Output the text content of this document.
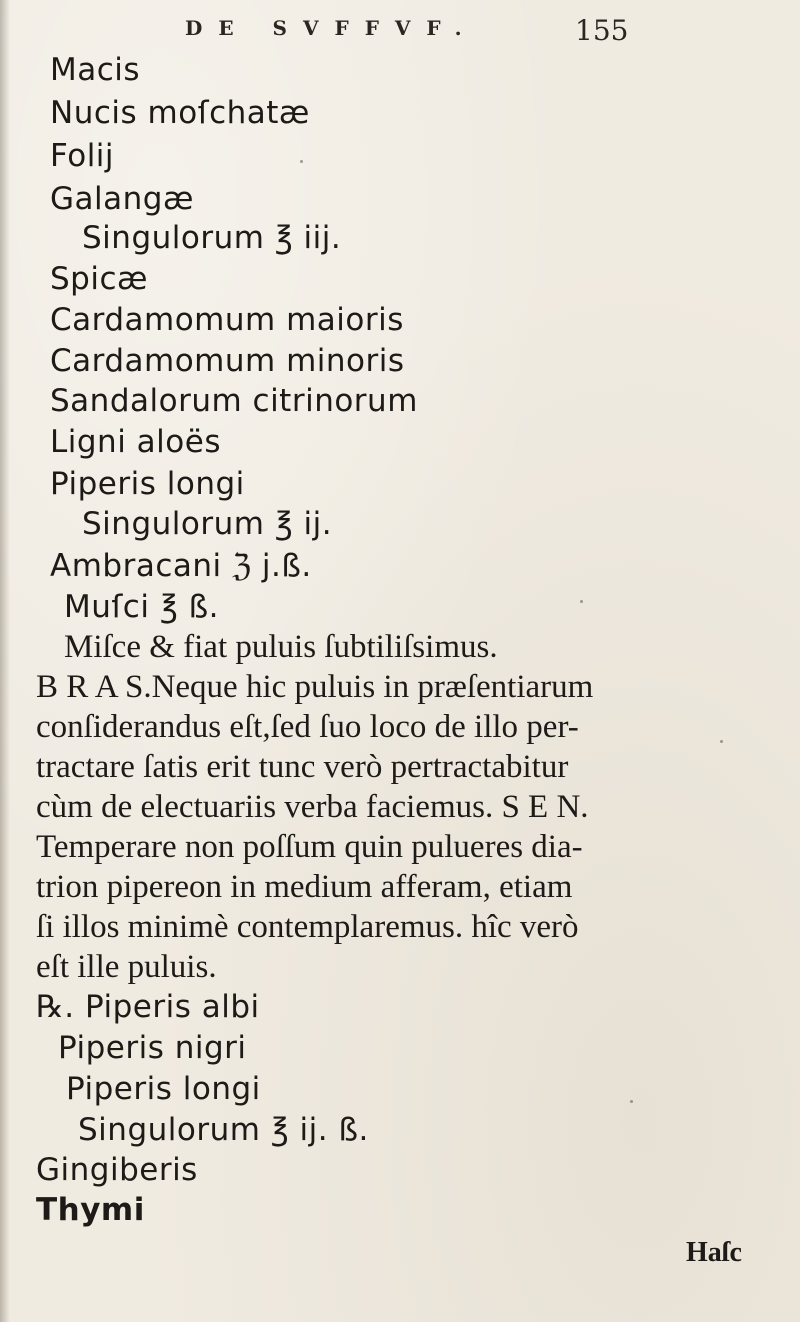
DE SVFFVF.	155
Macis
Nucis moſchatæ
Folij
Galangæ
Singulorum ℥ iij.
Spicæ
Cardamomum maioris
Cardamomum minoris
Sandalorum citrinorum
Ligni aloës
Piperis longi
Singulorum ℥ ij.
Ambracani ℨ j.ß.
Muſci ℥ ß.
Miſce & fiat puluis ſubtiliſsimus.
B R A S.Neque hic puluis in præſentiarum
conſiderandus eſt,ſed ſuo loco de illo per-
tractare ſatis erit tunc verò pertractabitur
cùm de electuariis verba faciemus. S E N.
Temperare non poſſum quin pulueres dia-
trion pipereon in medium afferam, etiam
ſi illos minimè contemplaremus. hîc verò
eſt ille puluis.
℞. Piperis albi
Piperis nigri
Piperis longi
Singulorum ℥ ij. ß.
Gingiberis
Thymi
Haſc
